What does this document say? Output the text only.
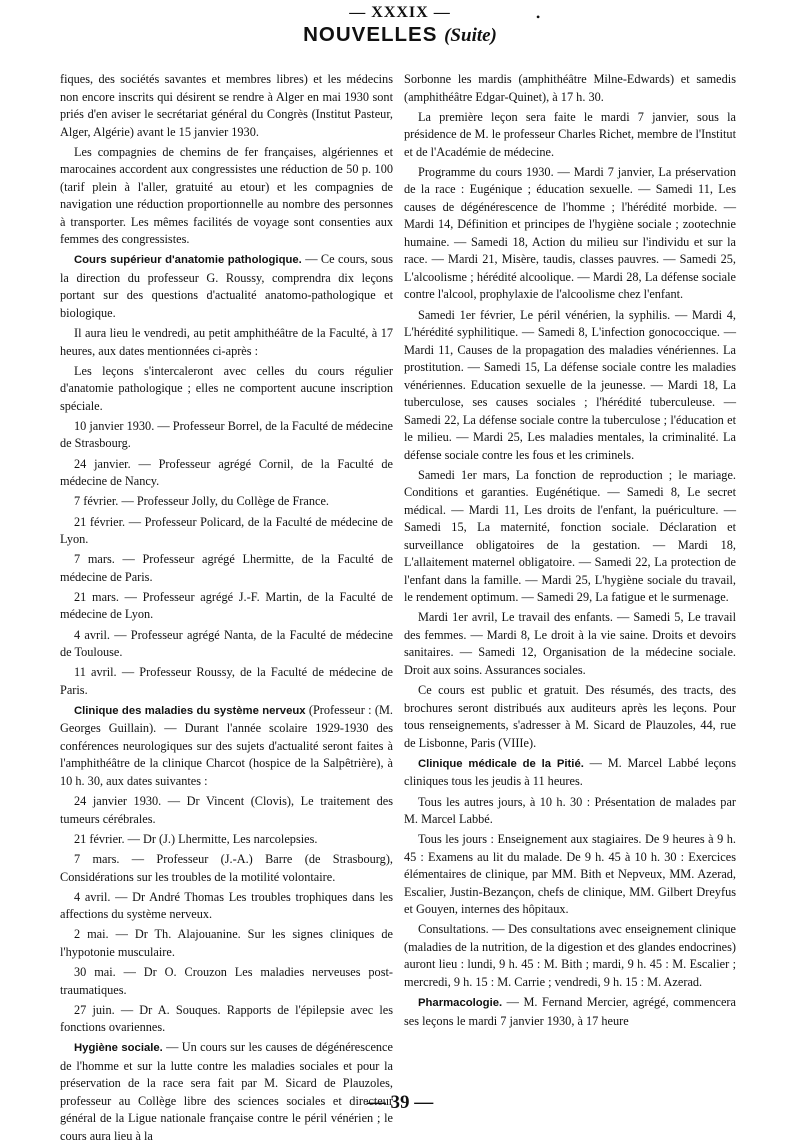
— XXXIX —
NOUVELLES (Suite)
•

fiques, des sociétés savantes et membres libres) et les médecins non encore inscrits qui désirent se rendre à Alger en mai 1930 sont priés d'en aviser le secrétariat général du Congrès (Institut Pasteur, Alger, Algérie) avant le 15 janvier 1930.

Les compagnies de chemins de fer françaises, algériennes et marocaines accordent aux congressistes une réduction de 50 p. 100 (tarif plein à l'aller, gratuité au etour) et les compagnies de navigation une réduction proportionnelle au nombre des personnes à transporter. Les mêmes facilités de voyage sont consenties aux femmes des congressistes.

Cours supérieur d'anatomie pathologique. — Ce cours, sous la direction du professeur G. Roussy, comprendra dix leçons portant sur des questions d'actualité anatomo-pathologique et biologique.

Il aura lieu le vendredi, au petit amphithéâtre de la Faculté, à 17 heures, aux dates mentionnées ci-après :

Les leçons s'intercaleront avec celles du cours régulier d'anatomie pathologique ; elles ne comportent aucune inscription spéciale.

10 janvier 1930. — Professeur Borrel, de la Faculté de médecine de Strasbourg.

24 janvier. — Professeur agrégé Cornil, de la Faculté de médecine de Nancy.

7 février. — Professeur Jolly, du Collège de France.

21 février. — Professeur Policard, de la Faculté de médecine de Lyon.

7 mars. — Professeur agrégé Lhermitte, de la Faculté de médecine de Paris.

21 mars. — Professeur agrégé J.-F. Martin, de la Faculté de médecine de Lyon.

4 avril. — Professeur agrégé Nanta, de la Faculté de médecine de Toulouse.

11 avril. — Professeur Roussy, de la Faculté de médecine de Paris.

Clinique des maladies du système nerveux (Professeur : (M. Georges Guillain). — Durant l'année scolaire 1929-1930 des conférences neurologiques sur des sujets d'actualité seront faites à l'amphithéâtre de la clinique Charcot (hospice de la Salpêtrière), à 10 h. 30, aux dates suivantes :

24 janvier 1930. — Dr Vincent (Clovis), Le traitement des tumeurs cérébrales.

21 février. — Dr (J.) Lhermitte, Les narcolepsies.

7 mars. — Professeur (J.-A.) Barre (de Strasbourg), Considérations sur les troubles de la motilité volontaire.

4 avril. — Dr André Thomas Les troubles trophiques dans les affections du système nerveux.

2 mai. — Dr Th. Alajouanine. Sur les signes cliniques de l'hypotonie musculaire.

30 mai. — Dr O. Crouzon Les maladies nerveuses post-traumatiques.

27 juin. — Dr A. Souques. Rapports de l'épilepsie avec les fonctions ovariennes.

Hygiène sociale. — Un cours sur les causes de dégénérescence de l'homme et sur la lutte contre les maladies sociales et pour la préservation de la race sera fait par M. Sicard de Plauzoles, professeur au Collège libre des sciences sociales et directeur général de la Ligue nationale française contre le péril vénérien ; le cours aura lieu à la

Sorbonne les mardis (amphithéâtre Milne-Edwards) et samedis (amphithéâtre Edgar-Quinet), à 17 h. 30.

La première leçon sera faite le mardi 7 janvier, sous la présidence de M. le professeur Charles Richet, membre de l'Institut et de l'Académie de médecine.

Programme du cours 1930. — Mardi 7 janvier, La préservation de la race : Eugénique ; éducation sexuelle. — Samedi 11, Les causes de dégénérescence de l'homme ; l'hérédité morbide. — Mardi 14, Définition et principes de l'hygiène sociale ; zootechnie humaine. — Samedi 18, Action du milieu sur l'individu et sur la race. — Mardi 21, Misère, taudis, classes pauvres. — Samedi 25, L'alcoolisme ; hérédité alcoolique. — Mardi 28, La défense sociale contre l'alcool, prophylaxie de l'alcoolisme chez l'enfant.

Samedi 1er février, Le péril vénérien, la syphilis. — Mardi 4, L'hérédité syphilitique. — Samedi 8, L'infection gonococcique. — Mardi 11, Causes de la propagation des maladies vénériennes. La prostitution. — Samedi 15, La défense sociale contre les maladies vénériennes. Education sexuelle de la jeunesse. — Mardi 18, La tuberculose, ses causes sociales ; l'hérédité tuberculeuse. — Samedi 22, La défense sociale contre la tuberculose ; l'éducation et le milieu. — Mardi 25, Les maladies mentales, la criminalité. La défense sociale contre les fous et les criminels.

Samedi 1er mars, La fonction de reproduction ; le mariage. Conditions et garanties. Eugénétique. — Samedi 8, Le secret médical. — Mardi 11, Les droits de l'enfant, la puériculture. — Samedi 15, La maternité, fonction sociale. Déclaration et surveillance obligatoires de la gestation. — Mardi 18, L'allaitement maternel obligatoire. — Samedi 22, La protection de l'enfant dans la famille. — Mardi 25, L'hygiène sociale du travail, le rendement optimum. — Samedi 29, La fatigue et le surmenage.

Mardi 1er avril, Le travail des enfants. — Samedi 5, Le travail des femmes. — Mardi 8, Le droit à la vie saine. Droits et devoirs sanitaires. — Samedi 12, Organisation de la médecine sociale. Droit aux soins. Assurances sociales.

Ce cours est public et gratuit. Des résumés, des tracts, des brochures seront distribués aux auditeurs après les leçons. Pour tous renseignements, s'adresser à M. Sicard de Plauzoles, 44, rue de Lisbonne, Paris (VIIIe).

Clinique médicale de la Pitié. — M. Marcel Labbé leçons cliniques tous les jeudis à 11 heures.

Tous les autres jours, à 10 h. 30 : Présentation de malades par M. Marcel Labbé.

Tous les jours : Enseignement aux stagiaires. De 9 heures à 9 h. 45 : Examens au lit du malade. De 9 h. 45 à 10 h. 30 : Exercices élémentaires de clinique, par MM. Bith et Nepveux, MM. Azerad, Escalier, Justin-Bezançon, chefs de clinique, MM. Gilbert Dreyfus et Gouyen, internes des hôpitaux.

Consultations. — Des consultations avec enseignement clinique (maladies de la nutrition, de la digestion et des glandes endocrines) auront lieu : lundi, 9 h. 45 : M. Bith ; mardi, 9 h. 45 : M. Escalier ; mercredi, 9 h. 15 : M. Carrie ; vendredi, 9 h. 15 : M. Azerad.

Pharmacologie. — M. Fernand Mercier, agrégé, commencera ses leçons le mardi 7 janvier 1930, à 17 heure

— 39 —
